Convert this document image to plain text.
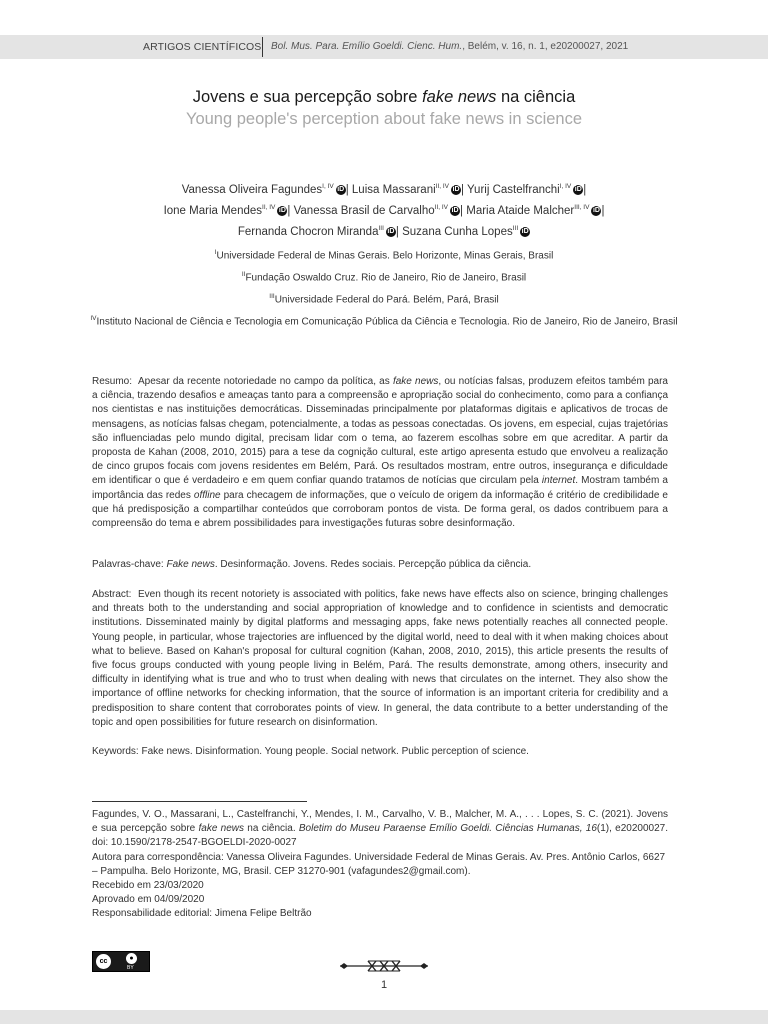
ARTIGOS CIENTÍFICOS Bol. Mus. Para. Emílio Goeldi. Cienc. Hum., Belém, v. 16, n. 1, e20200027, 2021
Jovens e sua percepção sobre fake news na ciência
Young people's perception about fake news in science
Vanessa Oliveira Fagundes$^{I, IV}$ iD | Luisa Massarani$^{II, IV}$ iD | Yurij Castelfranchi$^{I, IV}$ iD |
Ione Maria Mendes$^{II, IV}$ iD | Vanessa Brasil de Carvalho$^{II, IV}$ iD | Maria Ataide Malcher$^{III, IV}$ iD |
Fernanda Chocron Miranda$^{III}$ iD | Suzana Cunha Lopes$^{III}$ iD
$^I$Universidade Federal de Minas Gerais. Belo Horizonte, Minas Gerais, Brasil
$^{II}$Fundação Oswaldo Cruz. Rio de Janeiro, Rio de Janeiro, Brasil
$^{III}$Universidade Federal do Pará. Belém, Pará, Brasil
$^{IV}$Instituto Nacional de Ciência e Tecnologia em Comunicação Pública da Ciência e Tecnologia. Rio de Janeiro, Rio de Janeiro, Brasil
Resumo: Apesar da recente notoriedade no campo da política, as fake news, ou notícias falsas, produzem efeitos também para a ciência, trazendo desafios e ameaças tanto para a compreensão e apropriação social do conhecimento, como para a confiança nos cientistas e nas instituições democráticas. Disseminadas principalmente por plataformas digitais e aplicativos de trocas de mensagens, as notícias falsas chegam, potencialmente, a todas as pessoas conectadas. Os jovens, em especial, cujas trajetórias são influenciadas pelo mundo digital, precisam lidar com o tema, ao fazerem escolhas sobre em que acreditar. A partir da proposta de Kahan (2008, 2010, 2015) para a tese da cognição cultural, este artigo apresenta estudo que envolveu a realização de cinco grupos focais com jovens residentes em Belém, Pará. Os resultados mostram, entre outros, insegurança e dificuldade em identificar o que é verdadeiro e em quem confiar quando tratamos de notícias que circulam pela internet. Mostram também a importância das redes offline para checagem de informações, que o veículo de origem da informação é critério de credibilidade e que há predisposição a compartilhar conteúdos que corroboram pontos de vista. De forma geral, os dados contribuem para a compreensão do tema e abrem possibilidades para investigações futuras sobre desinformação.
Palavras-chave: Fake news. Desinformação. Jovens. Redes sociais. Percepção pública da ciência.
Abstract: Even though its recent notoriety is associated with politics, fake news have effects also on science, bringing challenges and threats both to the understanding and social appropriation of knowledge and to confidence in scientists and democratic institutions. Disseminated mainly by digital platforms and messaging apps, fake news potentially reaches all connected people. Young people, in particular, whose trajectories are influenced by the digital world, need to deal with it when making choices about what to believe. Based on Kahan's proposal for cultural cognition (Kahan, 2008, 2010, 2015), this article presents the results of five focus groups conducted with young people living in Belém, Pará. The results demonstrate, among others, insecurity and difficulty in identifying what is true and who to trust when dealing with news that circulates on the internet. They also show the importance of offline networks for checking information, that the source of information is an important criteria for credibility and a predisposition to share content that corroborates points of view. In general, the data contribute to a better understanding of the topic and open possibilities for future research on disinformation.
Keywords: Fake news. Disinformation. Young people. Social network. Public perception of science.

Fagundes, V. O., Massarani, L., Castelfranchi, Y., Mendes, I. M., Carvalho, V. B., Malcher, M. A., . . . Lopes, S. C. (2021). Jovens e sua percepção sobre fake news na ciência. Boletim do Museu Paraense Emílio Goeldi. Ciências Humanas, 16(1), e20200027. doi: 10.1590/2178-2547-BGOELDI-2020-0027

Autora para correspondência: Vanessa Oliveira Fagundes. Universidade Federal de Minas Gerais. Av. Pres. Antônio Carlos, 6627 – Pampulha. Belo Horizonte, MG, Brasil. CEP 31270-901 (vafagundes2@gmail.com).

Recebido em 23/03/2020

Aprovado em 04/09/2020

Responsabilidade editorial: Jimena Felipe Beltrão

cc	●
BY
1
